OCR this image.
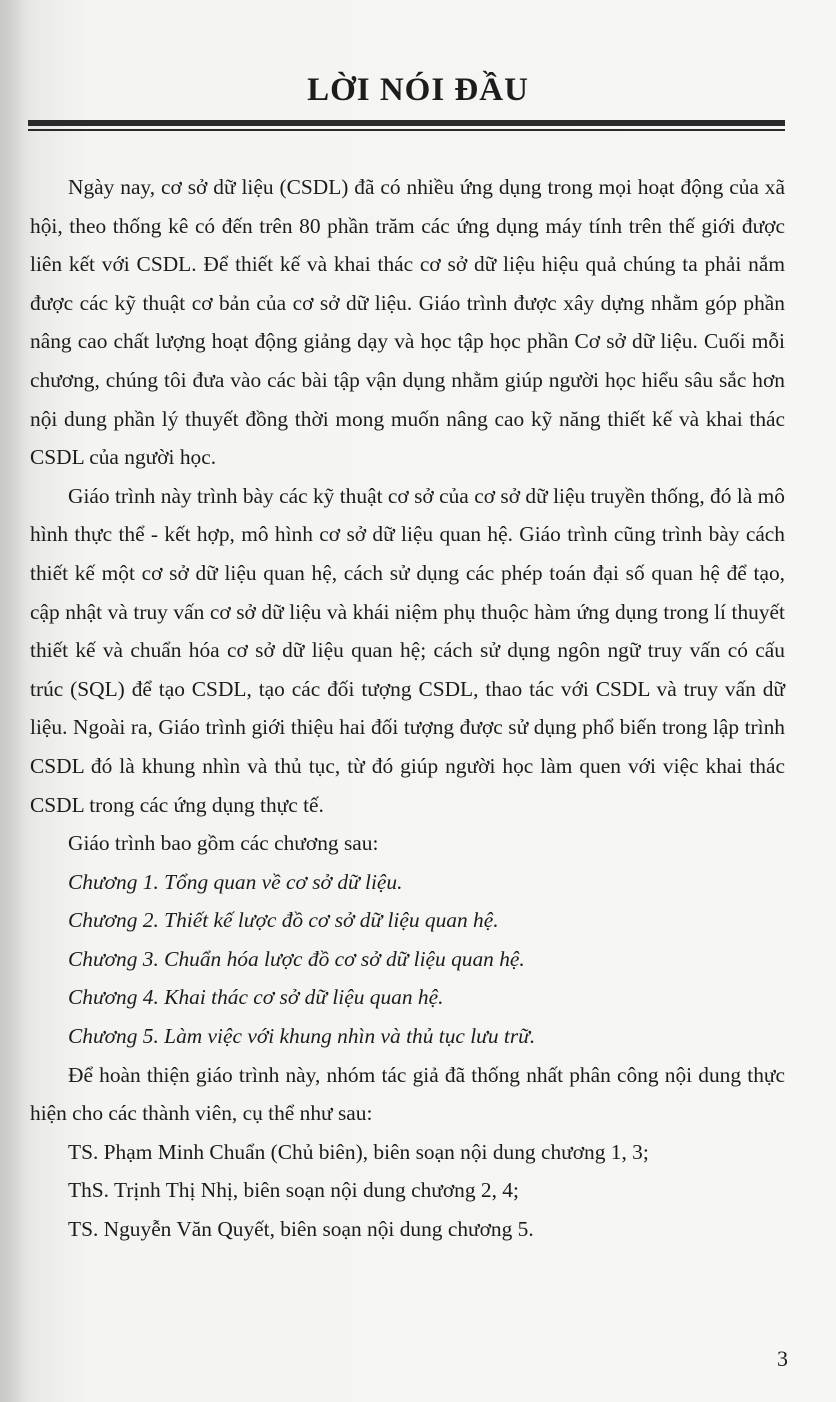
LỜI NÓI ĐẦU

Ngày nay, cơ sở dữ liệu (CSDL) đã có nhiều ứng dụng trong mọi hoạt động của xã hội, theo thống kê có đến trên 80 phần trăm các ứng dụng máy tính trên thế giới được liên kết với CSDL. Để thiết kế và khai thác cơ sở dữ liệu hiệu quả chúng ta phải nắm được các kỹ thuật cơ bản của cơ sở dữ liệu. Giáo trình được xây dựng nhằm góp phần nâng cao chất lượng hoạt động giảng dạy và học tập học phần Cơ sở dữ liệu. Cuối mỗi chương, chúng tôi đưa vào các bài tập vận dụng nhằm giúp người học hiểu sâu sắc hơn nội dung phần lý thuyết đồng thời mong muốn nâng cao kỹ năng thiết kế và khai thác CSDL của người học.

Giáo trình này trình bày các kỹ thuật cơ sở của cơ sở dữ liệu truyền thống, đó là mô hình thực thể - kết hợp, mô hình cơ sở dữ liệu quan hệ. Giáo trình cũng trình bày cách thiết kế một cơ sở dữ liệu quan hệ, cách sử dụng các phép toán đại số quan hệ để tạo, cập nhật và truy vấn cơ sở dữ liệu và khái niệm phụ thuộc hàm ứng dụng trong lí thuyết thiết kế và chuẩn hóa cơ sở dữ liệu quan hệ; cách sử dụng ngôn ngữ truy vấn có cấu trúc (SQL) để tạo CSDL, tạo các đối tượng CSDL, thao tác với CSDL và truy vấn dữ liệu. Ngoài ra, Giáo trình giới thiệu hai đối tượng được sử dụng phổ biến trong lập trình CSDL đó là khung nhìn và thủ tục, từ đó giúp người học làm quen với việc khai thác CSDL trong các ứng dụng thực tế.

Giáo trình bao gồm các chương sau:

Chương 1. Tổng quan về cơ sở dữ liệu.
Chương 2. Thiết kế lược đồ cơ sở dữ liệu quan hệ.
Chương 3. Chuẩn hóa lược đồ cơ sở dữ liệu quan hệ.
Chương 4. Khai thác cơ sở dữ liệu quan hệ.
Chương 5. Làm việc với khung nhìn và thủ tục lưu trữ.

Để hoàn thiện giáo trình này, nhóm tác giả đã thống nhất phân công nội dung thực hiện cho các thành viên, cụ thể như sau:

TS. Phạm Minh Chuẩn (Chủ biên), biên soạn nội dung chương 1, 3;
ThS. Trịnh Thị Nhị, biên soạn nội dung chương 2, 4;
TS. Nguyễn Văn Quyết, biên soạn nội dung chương 5.
3
